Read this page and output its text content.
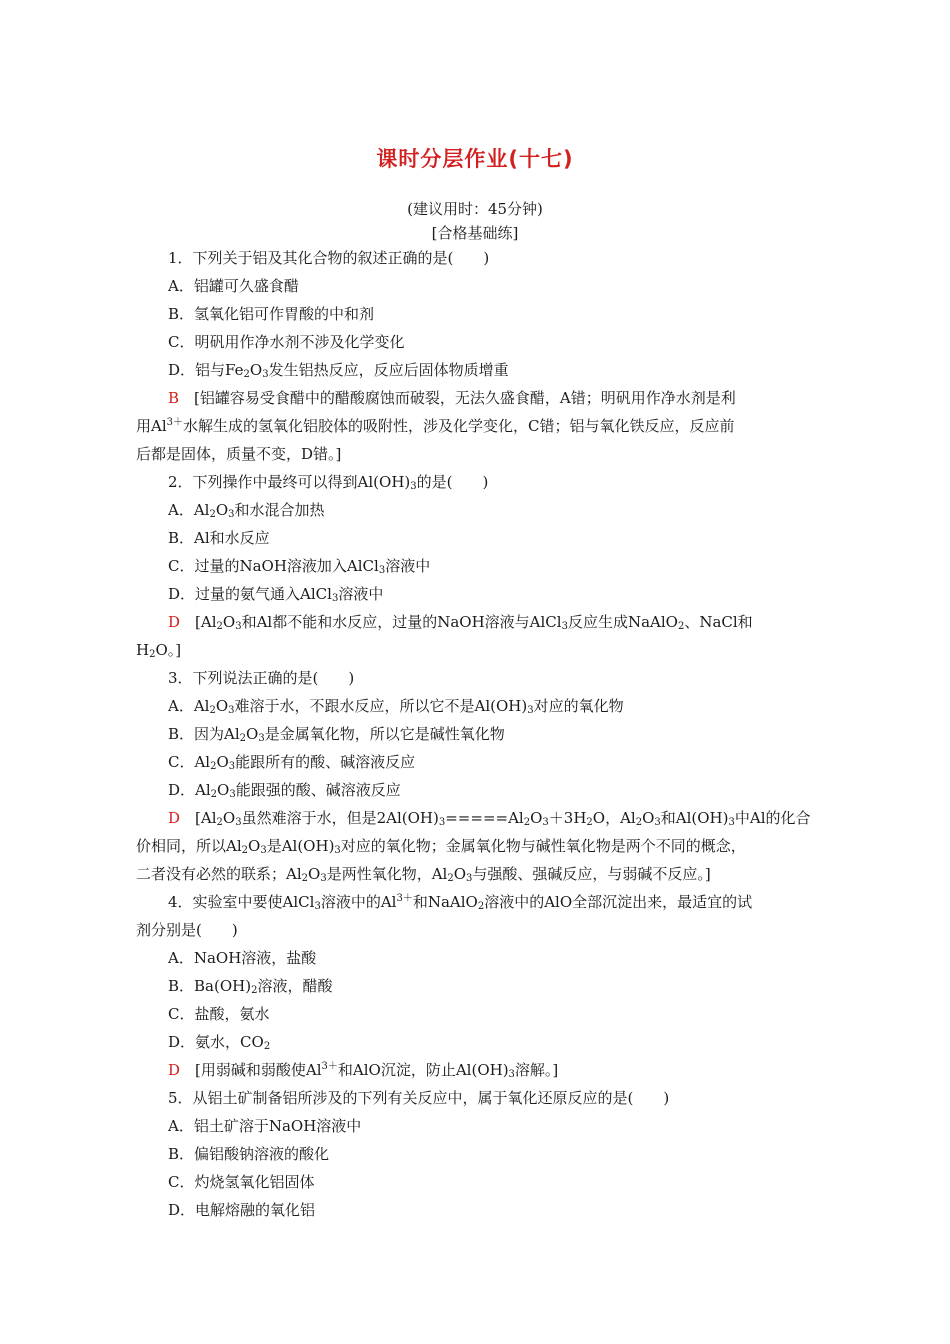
课时分层作业(十七)
(建议用时：45分钟)
[合格基础练]
1．下列关于铝及其化合物的叙述正确的是(　　)
A．铝罐可久盛食醋
B．氢氧化铝可作胃酸的中和剂
C．明矾用作净水剂不涉及化学变化
D．铝与$Fe_2O_3$发生铝热反应，反应后固体物质增重
B　 [铝罐容易受食醋中的醋酸腐蚀而破裂，无法久盛食醋，A错；明矾用作净水剂是利
用$Al^{3+}$水解生成的氢氧化铝胶体的吸附性，涉及化学变化，C错；铝与氧化铁反应，反应前
后都是固体，质量不变，D错。]
2．下列操作中最终可以得到$Al(OH)_3$的是(　　)
A．$Al_2O_3$和水混合加热
B．Al和水反应
C．过量的NaOH溶液加入AlCl$_3$溶液中
D．过量的氨气通入AlCl$_3$溶液中
D　 [$Al_2O_3$和Al都不能和水反应，过量的NaOH溶液与AlCl$_3$反应生成NaAlO$_2$、NaCl和
$H_2O$。]
3．下列说法正确的是(　　)
A．$Al_2O_3$难溶于水，不跟水反应，所以它不是$Al(OH)_3$对应的氧化物
B．因为$Al_2O_3$是金属氧化物，所以它是碱性氧化物
C．$Al_2O_3$能跟所有的酸、碱溶液反应
D．$Al_2O_3$能跟强的酸、碱溶液反应
D　 [$Al_2O_3$虽然难溶于水，但是$2Al(OH)_3=====Al_2O_3+3H_2O$，$Al_2O_3$和$Al(OH)_3$中Al的化合
价相同，所以$Al_2O_3$是$Al(OH)_3$对应的氧化物；金属氧化物与碱性氧化物是两个不同的概念，
二者没有必然的联系；$Al_2O_3$是两性氧化物，$Al_2O_3$与强酸、强碱反应，与弱碱不反应。]
4．实验室中要使AlCl$_3$溶液中的$Al^{3+}$和NaAlO$_2$溶液中的AlO全部沉淀出来，最适宜的试
剂分别是(　　)
A．NaOH溶液，盐酸
B．$Ba(OH)_2$溶液，醋酸
C．盐酸，氨水
D．氨水，$CO_2$
D　 [用弱碱和弱酸使$Al^{3+}$和AlO沉淀，防止$Al(OH)_3$溶解。]
5．从铝土矿制备铝所涉及的下列有关反应中，属于氧化还原反应的是(　　)
A．铝土矿溶于NaOH溶液中
B．偏铝酸钠溶液的酸化
C．灼烧氢氧化铝固体
D．电解熔融的氧化铝
